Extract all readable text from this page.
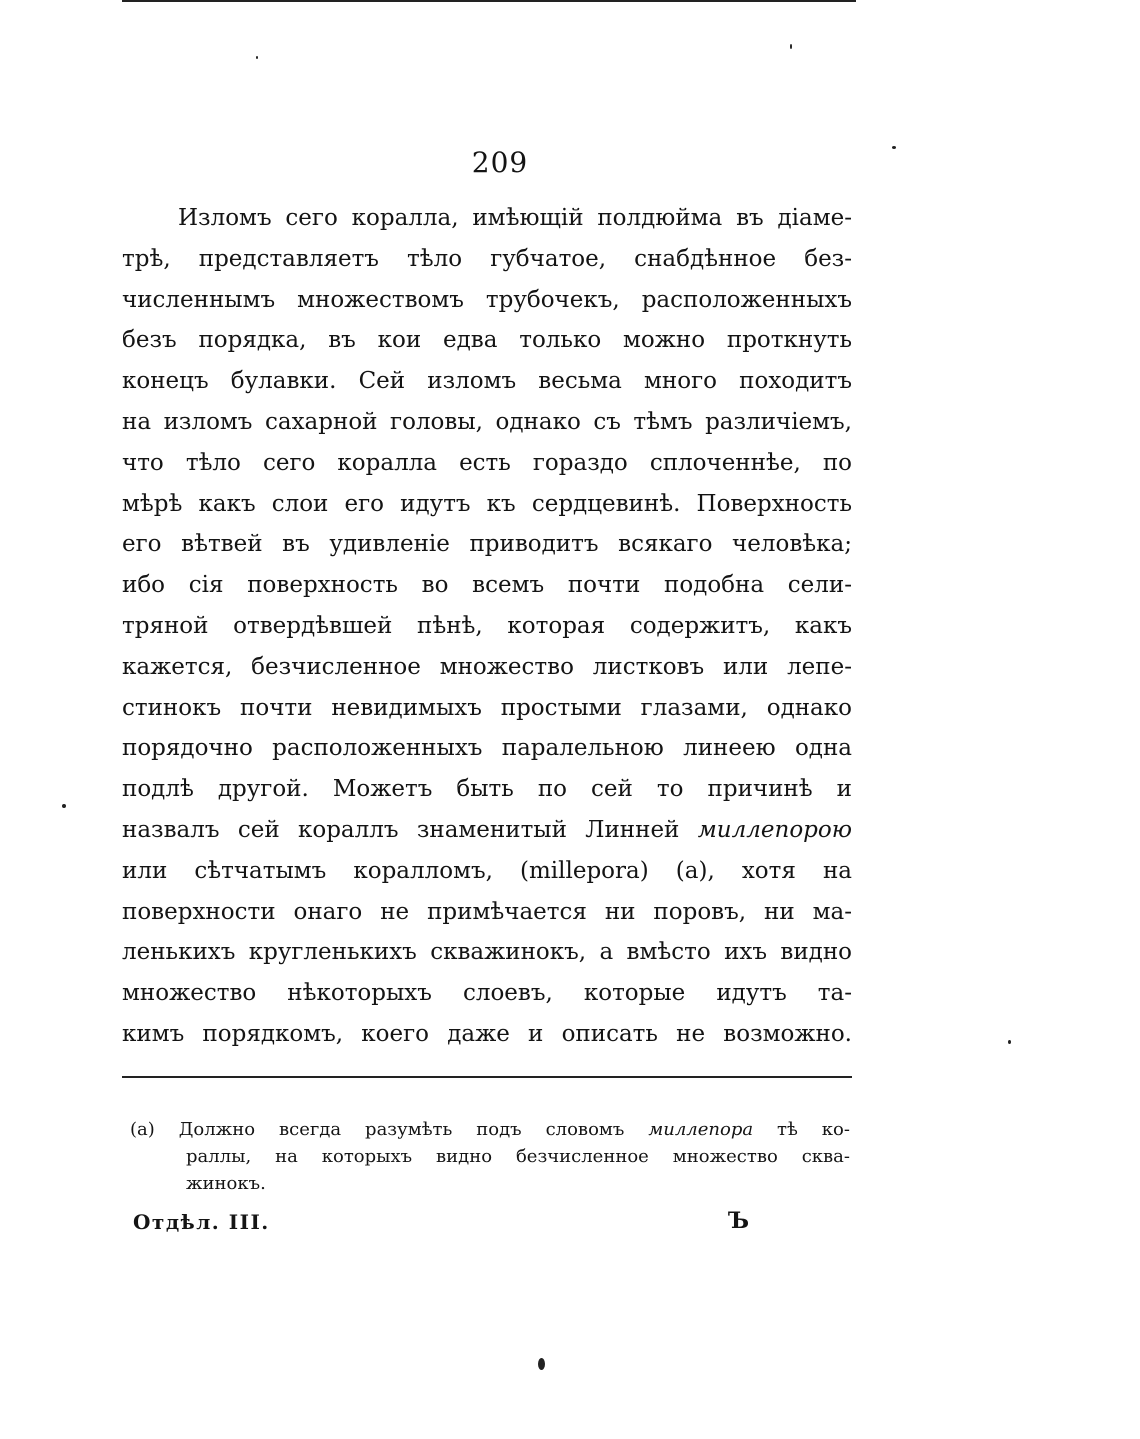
209
Изломъ сего коралла, имѣющій полдюйма въ діаме-
трѣ, представляетъ тѣло губчатое, снабдѣнное без-
численнымъ множествомъ трубочекъ, расположенныхъ
безъ порядка, въ кои едва только можно проткнуть
конецъ булавки. Сей изломъ весьма много походитъ
на изломъ сахарной головы, однако съ тѣмъ различіемъ,
что тѣло сего коралла есть гораздо сплоченнѣе, по
мѣрѣ какъ слои его идутъ къ сердцевинѣ. Поверхность
его вѣтвей въ удивленіе приводитъ всякаго человѣка;
ибо сія поверхность во всемъ почти подобна сели-
тряной отвердѣвшей пѣнѣ, которая содержитъ, какъ
кажется, безчисленное множество листковъ или лепе-
стинокъ почти невидимыхъ простыми глазами, однако
порядочно расположенныхъ паралельною линеею одна
подлѣ другой. Можетъ быть по сей то причинѣ и
назвалъ сей кораллъ знаменитый Линней миллепорою
или сѣтчатымъ коралломъ, (millepora) (а), хотя на
поверхности онаго не примѣчается ни поровъ, ни ма-
ленькихъ кругленькихъ скважинокъ, а вмѣсто ихъ видно
множество нѣкоторыхъ слоевъ, которые идутъ та-
кимъ порядкомъ, коего даже и описать не возможно.
(а) Должно всегда разумѣть подъ словомъ миллепора тѣ ко-
раллы, на которыхъ видно безчисленное множество сква-
жинокъ.
Отдѣл. III.	Ъ
